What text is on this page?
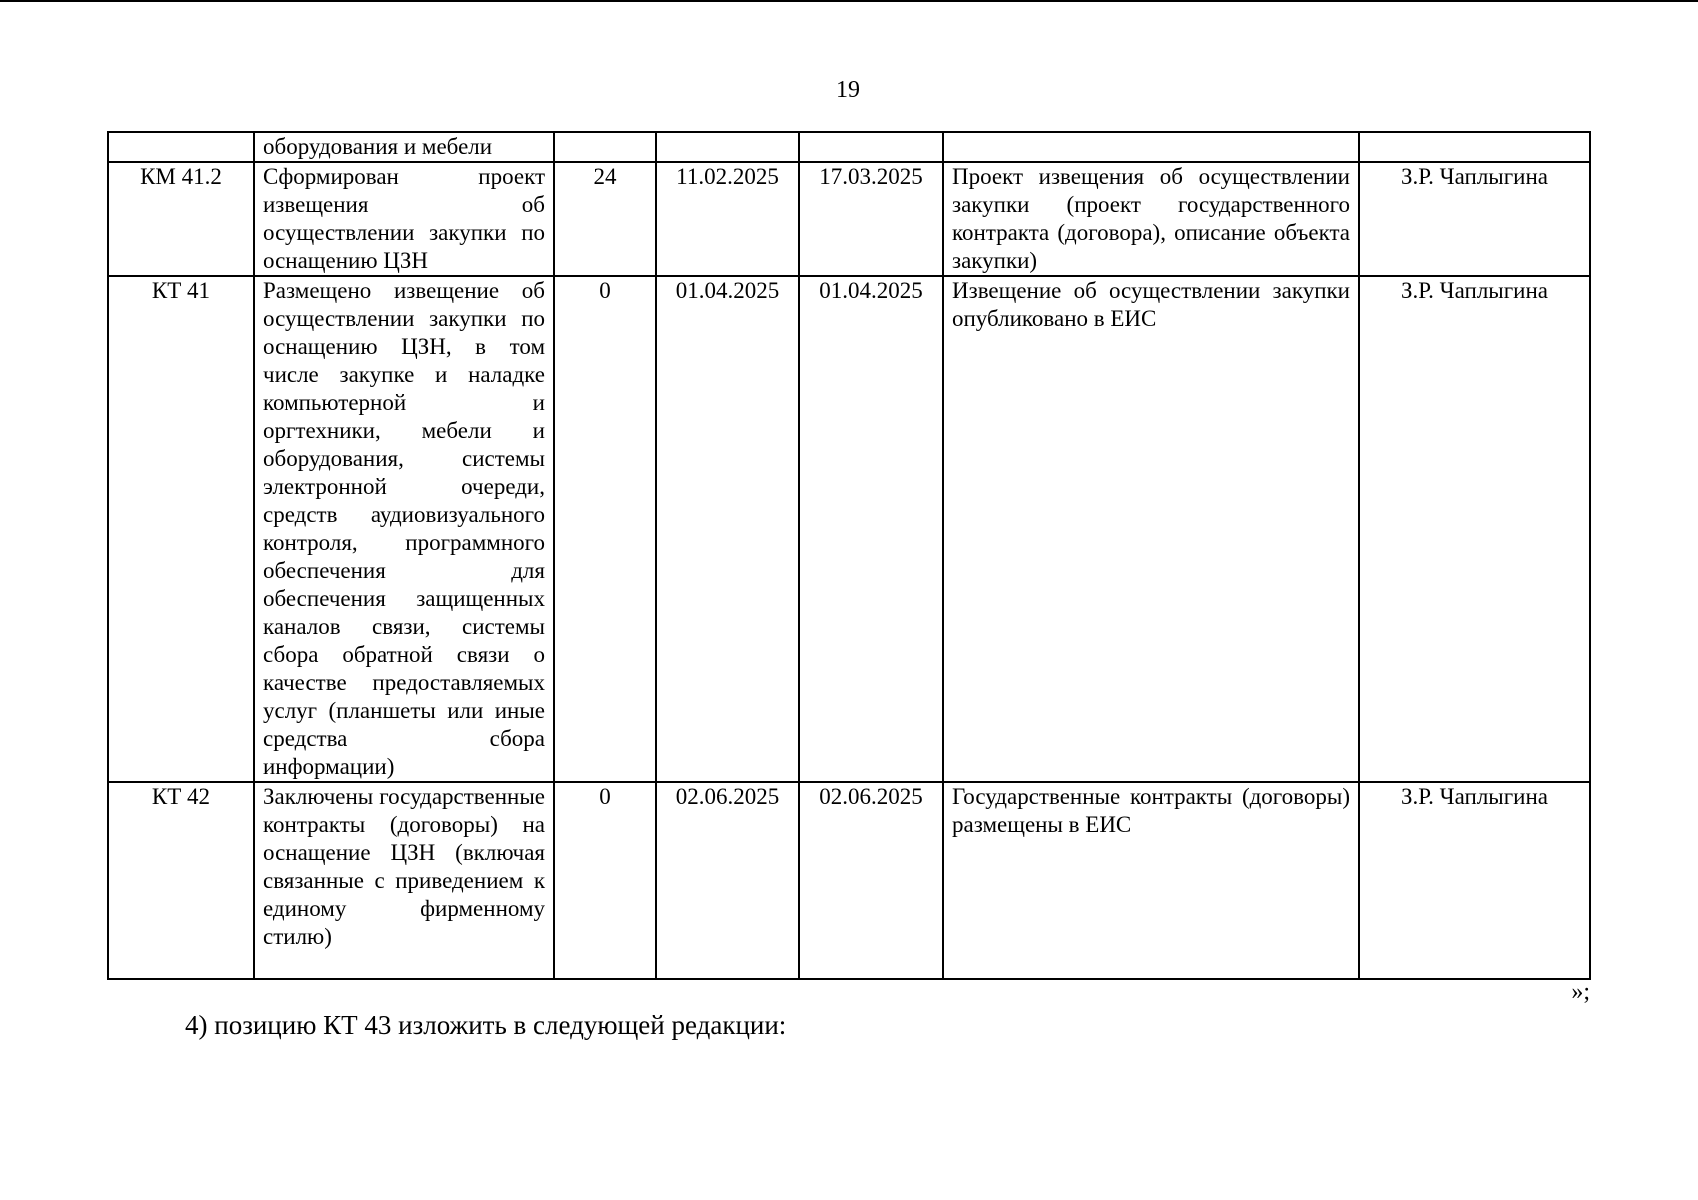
19
	оборудования и мебели					
КМ 41.2	Сформирован проект извещения об осуществлении закупки по оснащению ЦЗН	24	11.02.2025	17.03.2025	Проект извещения об осуществлении закупки (проект государственного контракта (договора), описание объекта закупки)	З.Р. Чаплыгина
КТ 41	Размещено извещение об осуществлении закупки по оснащению ЦЗН, в том числе закупке и наладке компьютерной и оргтехники, мебели и оборудования, системы электронной очереди, средств аудиовизуального контроля, программного обеспечения для обеспечения защищенных каналов связи, системы сбора обратной связи о качестве предоставляемых услуг (планшеты или иные средства сбора информации)	0	01.04.2025	01.04.2025	Извещение об осуществлении закупки опубликовано в ЕИС	З.Р. Чаплыгина
КТ 42	Заключены государственные контракты (договоры) на оснащение ЦЗН (включая связанные с приведением к единому фирменному стилю)	0	02.06.2025	02.06.2025	Государственные контракты (договоры) размещены в ЕИС	З.Р. Чаплыгина
»;
4) позицию КТ 43 изложить в следующей редакции:
